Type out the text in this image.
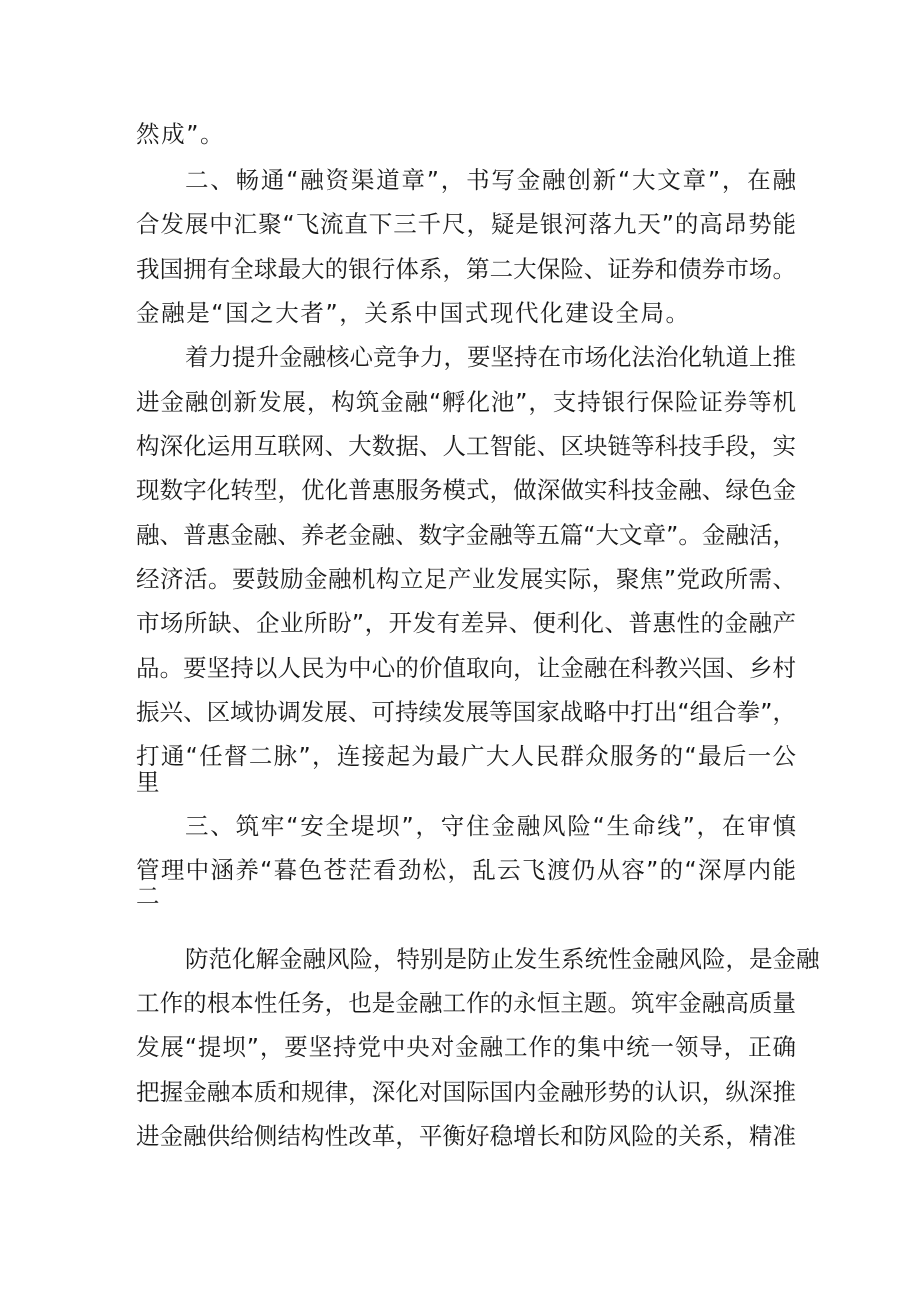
然成”。
二、畅通“融资渠道章”，书写金融创新“大文章”，在融
合发展中汇聚“飞流直下三千尺，疑是银河落九天”的高昂势能
我国拥有全球最大的银行体系，第二大保险、证券和债券市场。
金融是“国之大者”，关系中国式现代化建设全局。
着力提升金融核心竞争力，要坚持在市场化法治化轨道上推
进金融创新发展，构筑金融“孵化池”，支持银行保险证券等机
构深化运用互联网、大数据、人工智能、区块链等科技手段，实
现数字化转型，优化普惠服务模式，做深做实科技金融、绿色金
融、普惠金融、养老金融、数字金融等五篇“大文章”。金融活，
经济活。要鼓励金融机构立足产业发展实际，聚焦”党政所需、
市场所缺、企业所盼”，开发有差异、便利化、普惠性的金融产
品。要坚持以人民为中心的价值取向，让金融在科教兴国、乡村
振兴、区域协调发展、可持续发展等国家战略中打出“组合拳”，
打通“任督二脉”，连接起为最广大人民群众服务的“最后一公
里
三、筑牢“安全堤坝”，守住金融风险“生命线”，在审慎
管理中涵养“暮色苍茫看劲松，乱云飞渡仍从容”的“深厚内能
二
防范化解金融风险，特别是防止发生系统性金融风险，是金融
工作的根本性任务，也是金融工作的永恒主题。筑牢金融高质量
发展“提坝”，要坚持党中央对金融工作的集中统一领导，正确
把握金融本质和规律，深化对国际国内金融形势的认识，纵深推
进金融供给侧结构性改革，平衡好稳增长和防风险的关系，精准
